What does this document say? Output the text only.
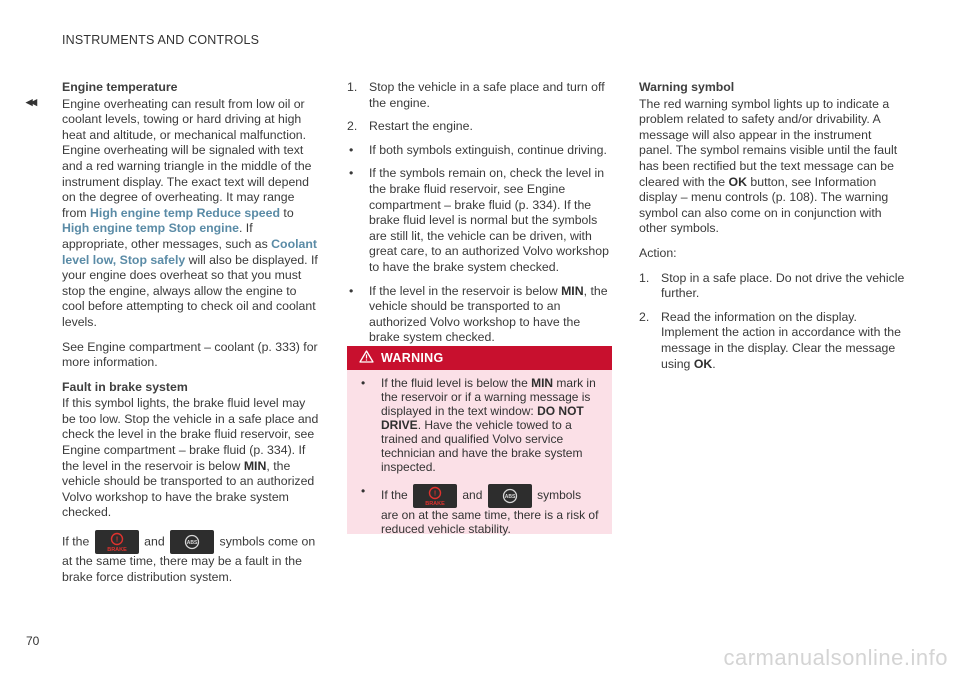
INSTRUMENTS AND CONTROLS
◂◂
Engine temperature

Engine overheating can result from low oil or coolant levels, towing or hard driving at high heat and altitude, or mechanical malfunction. Engine overheating will be signaled with text and a red warning triangle in the middle of the instrument display. The exact text will depend on the degree of overheating. It may range from High engine temp Reduce speed to High engine temp Stop engine. If appropriate, other messages, such as Coolant level low, Stop safely will also be displayed. If your engine does overheat so that you must stop the engine, always allow the engine to cool before attempting to check oil and coolant levels.

See Engine compartment – coolant (p. 333) for more information.

Fault in brake system

If this symbol lights, the brake fluid level may be too low. Stop the vehicle in a safe place and check the level in the brake fluid reservoir, see Engine compartment – brake fluid (p. 334). If the level in the reservoir is below MIN, the vehicle should be transported to an authorized Volvo workshop to have the brake system checked.

If the	!
BRAKE
and	ABS symbols come on at the same time, there may be a fault in the brake force distribution system.

1. Stop the vehicle in a safe place and turn off the engine.
2. Restart the engine.
• If both symbols extinguish, continue driving.
• If the symbols remain on, check the level in the brake fluid reservoir, see Engine compartment – brake fluid (p. 334). If the brake fluid level is normal but the symbols are still lit, the vehicle can be driven, with great care, to an authorized Volvo workshop to have the brake system checked.
• If the level in the reservoir is below MIN, the vehicle should be transported to an authorized Volvo workshop to have the brake system checked.
WARNING
• If the fluid level is below the MIN mark in the reservoir or if a warning message is displayed in the text window: DO NOT DRIVE. Have the vehicle towed to a trained and qualified Volvo service technician and have the brake system inspected.
• If the	!
BRAKE
and	ABS symbols are on at the same time, there is a risk of reduced vehicle stability.
Warning symbol

The red warning symbol lights up to indicate a problem related to safety and/or drivability. A message will also appear in the instrument panel. The symbol remains visible until the fault has been rectified but the text message can be cleared with the OK button, see Information display – menu controls (p. 108). The warning symbol can also come on in conjunction with other symbols.

Action:

1. Stop in a safe place. Do not drive the vehicle further.
2. Read the information on the display. Implement the action in accordance with the message in the display. Clear the message using OK.
70
carmanualsonline.info
